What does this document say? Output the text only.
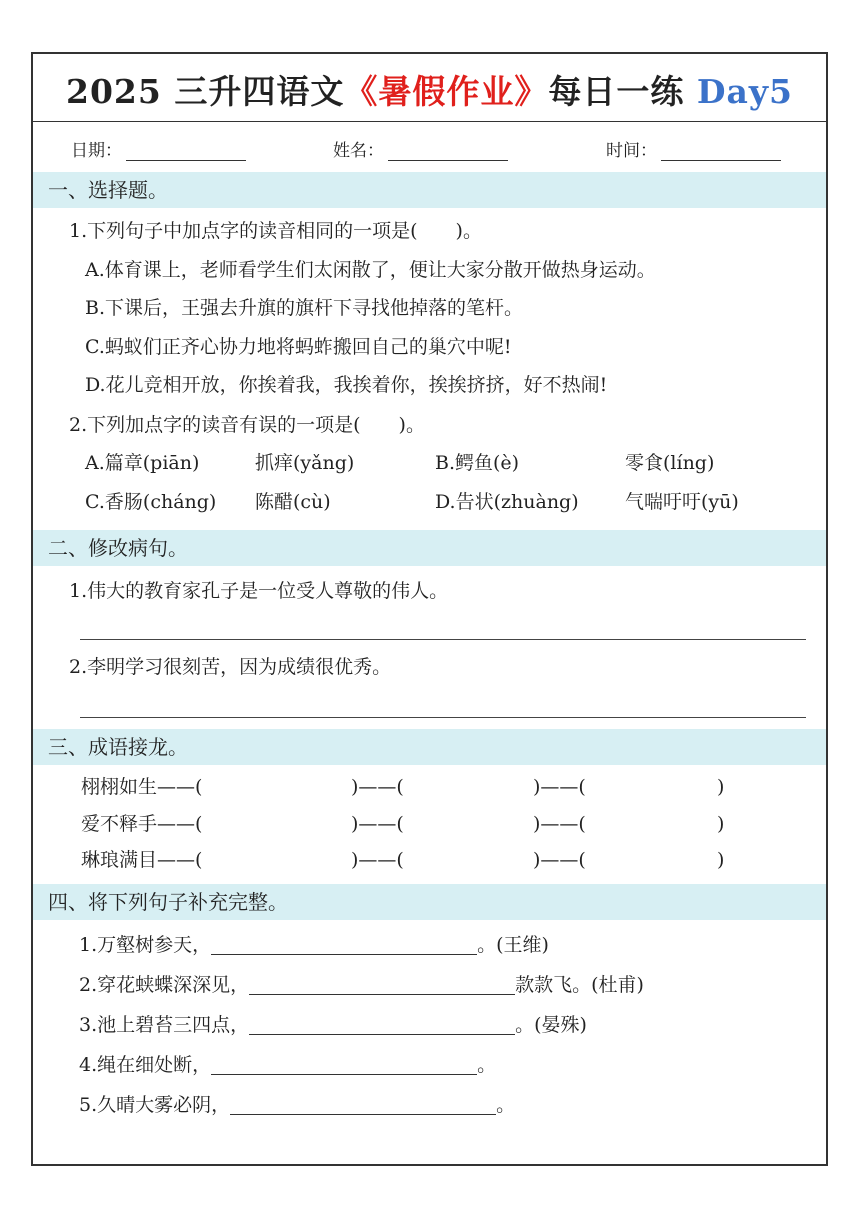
2025 三升四语文《暑假作业》每日一练 Day5
日期：	姓名：	时间：
一、选择题。
1.下列句子中加点字的读音相同的一项是(　　)。
A.体育课上，老师看学生们太闲散了，便让大家分散开做热身运动。
B.下课后，王强去升旗的旗杆下寻找他掉落的笔杆。
C.蚂蚁们正齐心协力地将蚂蚱搬回自己的巢穴中呢!
D.花儿竞相开放，你挨着我，我挨着你，挨挨挤挤，好不热闹!
2.下列加点字的读音有误的一项是(　　)。
A.篇章(piān)	抓痒(yǎng)	B.鳄鱼(è)	零食(líng)
C.香肠(cháng) 陈醋(cù)	D.告状(zhuàng) 气喘吁吁(yū)
二、修改病句。
1.伟大的教育家孔子是一位受人尊敬的伟人。
2.李明学习很刻苦，因为成绩很优秀。
三、成语接龙。
栩栩如生——(	)——(	)——(	)
爱不释手——(	)——(	)——(	)
琳琅满目——(	)——(	)——(	)
四、将下列句子补充完整。
1.万壑树参天，	。(王维)
2.穿花蛱蝶深深见，	款款飞。(杜甫)
3.池上碧苔三四点，	。(晏殊)
4.绳在细处断，	。
5.久晴大雾必阴，	。
